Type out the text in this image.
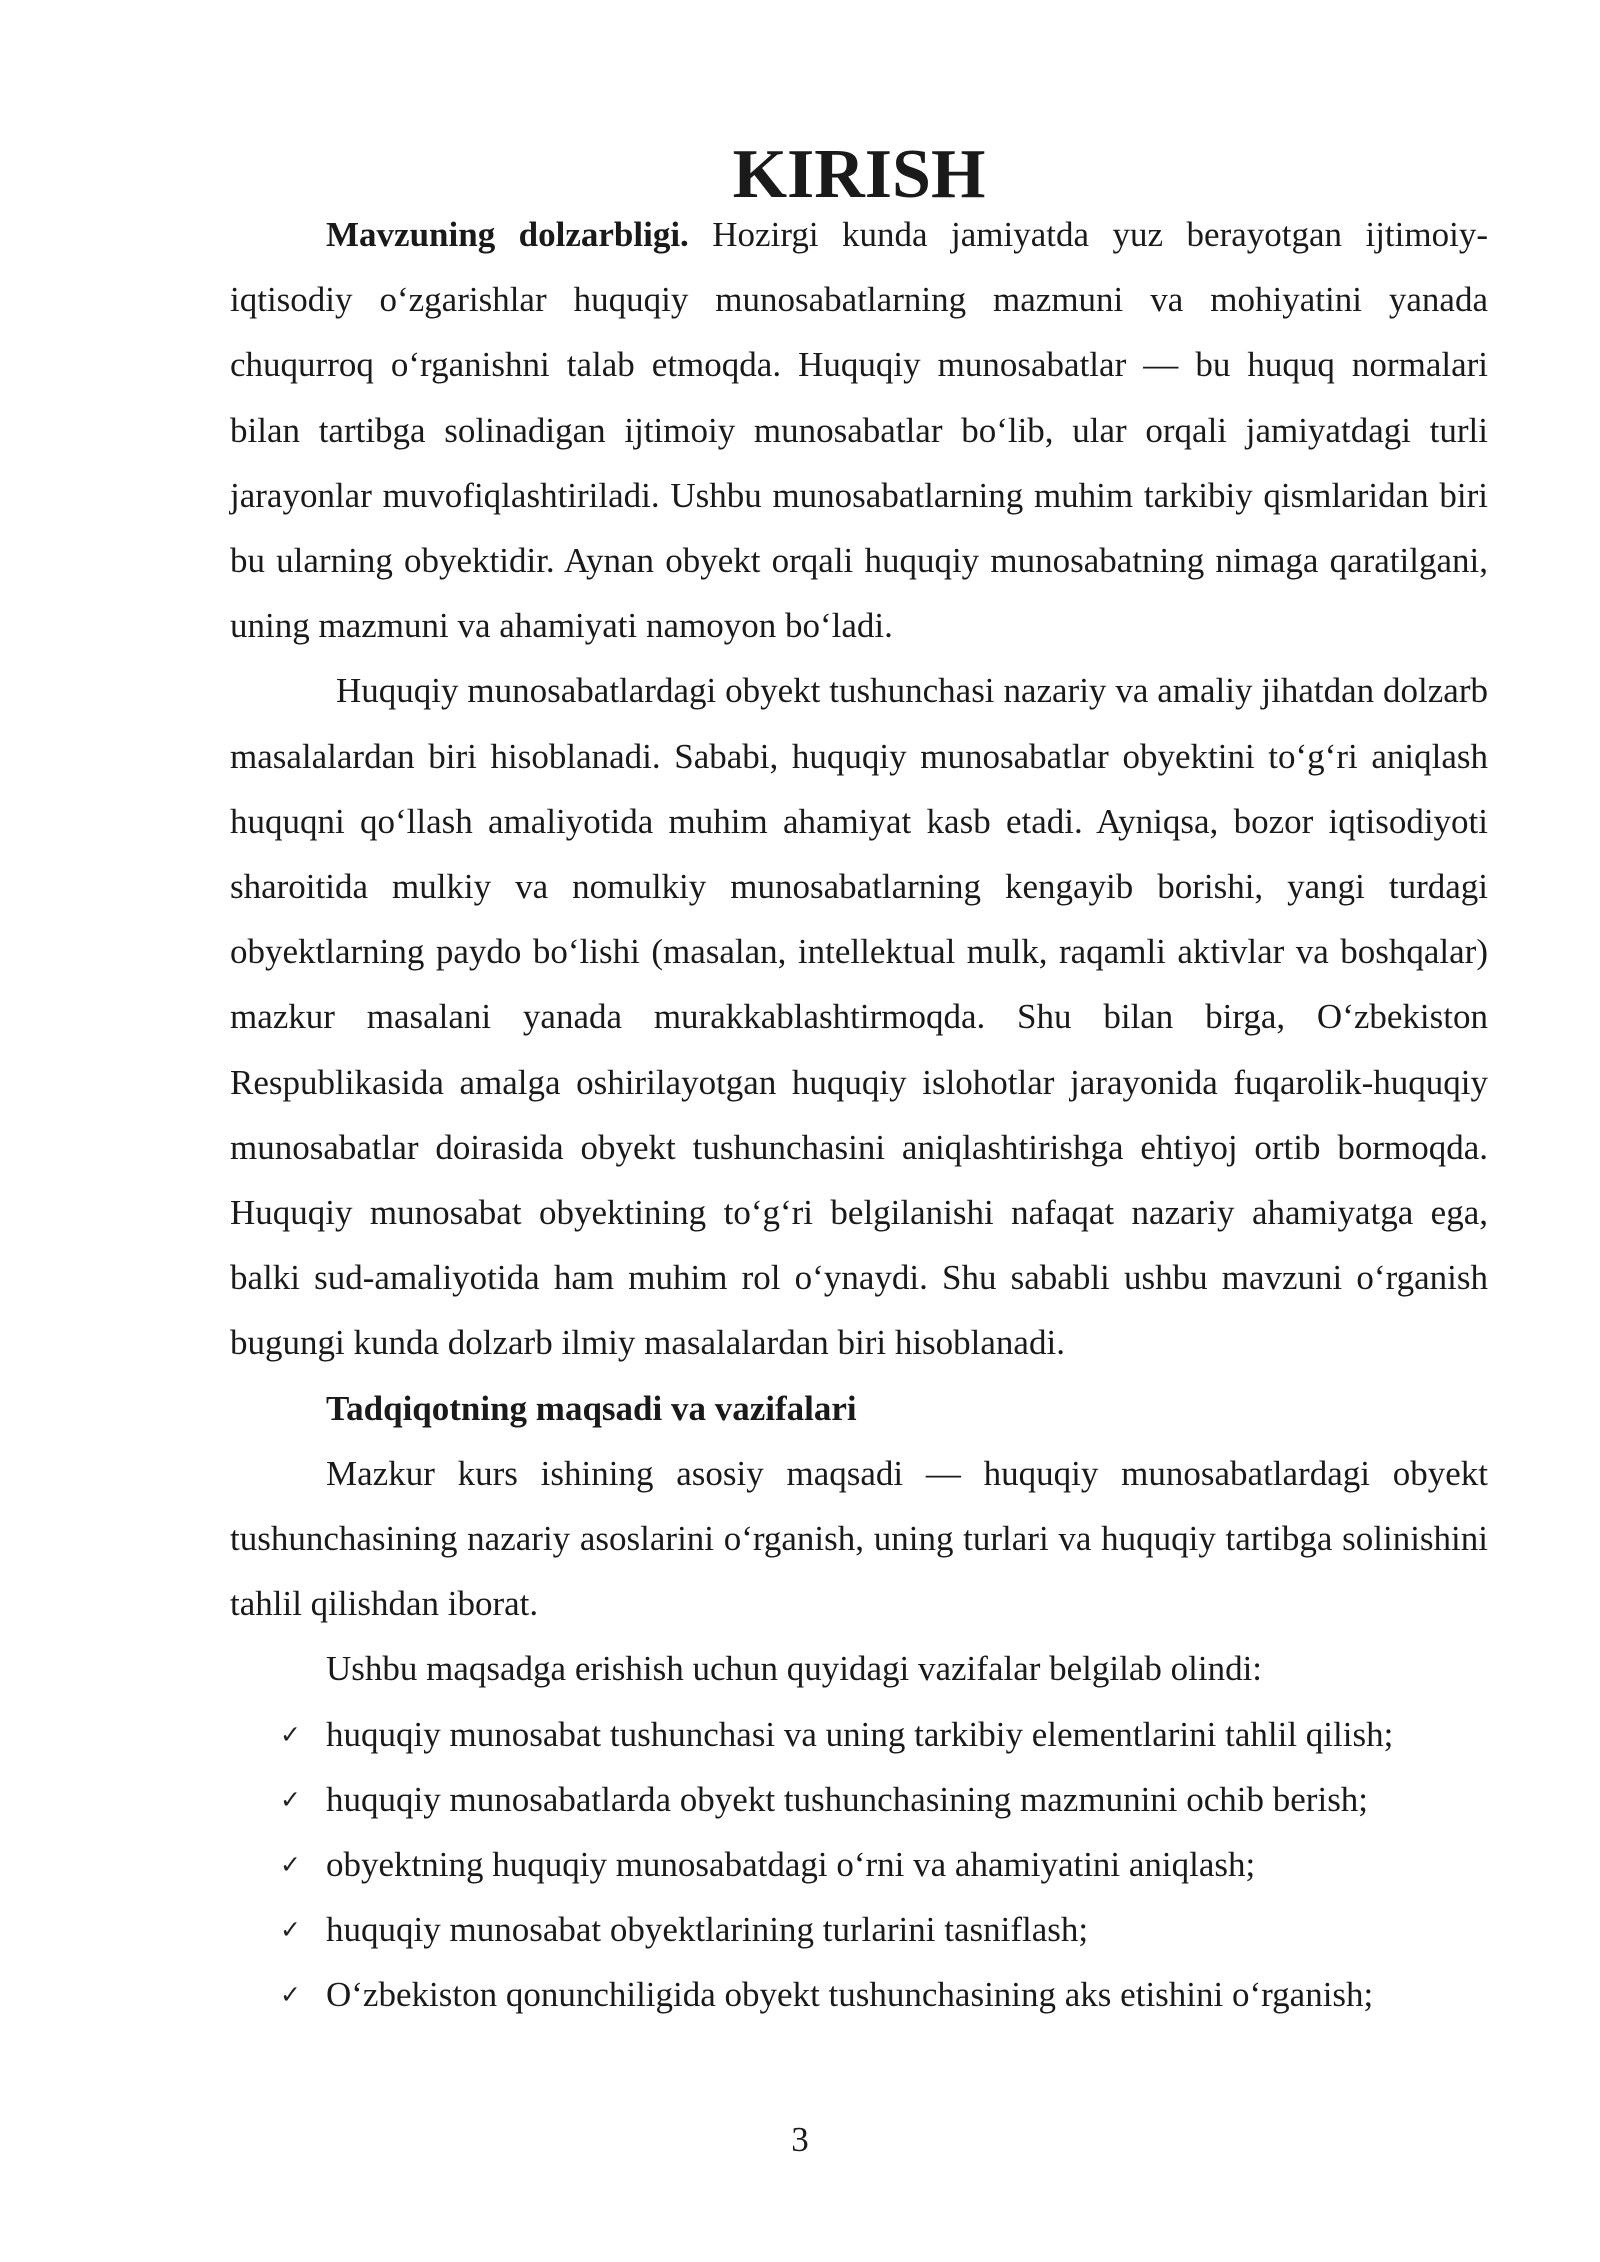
KIRISH

Mavzuning dolzarbligi. Hozirgi kunda jamiyatda yuz berayotgan ijtimoiy-iqtisodiy o‘zgarishlar huquqiy munosabatlarning mazmuni va mohiyatini yanada chuqurroq o‘rganishni talab etmoqda. Huquqiy munosabatlar — bu huquq normalari bilan tartibga solinadigan ijtimoiy munosabatlar bo‘lib, ular orqali jamiyatdagi turli jarayonlar muvofiqlashtiriladi. Ushbu munosabatlarning muhim tarkibiy qismlaridan biri bu ularning obyektidir. Aynan obyekt orqali huquqiy munosabatning nimaga qaratilgani, uning mazmuni va ahamiyati namoyon bo‘ladi.

Huquqiy munosabatlardagi obyekt tushunchasi nazariy va amaliy jihatdan dolzarb masalalardan biri hisoblanadi. Sababi, huquqiy munosabatlar obyektini to‘g‘ri aniqlash huquqni qo‘llash amaliyotida muhim ahamiyat kasb etadi. Ayniqsa, bozor iqtisodiyoti sharoitida mulkiy va nomulkiy munosabatlarning kengayib borishi, yangi turdagi obyektlarning paydo bo‘lishi (masalan, intellektual mulk, raqamli aktivlar va boshqalar) mazkur masalani yanada murakkablashtirmoqda. Shu bilan birga, O‘zbekiston Respublikasida amalga oshirilayotgan huquqiy islohotlar jarayonida fuqarolik-huquqiy munosabatlar doirasida obyekt tushunchasini aniqlashtirishga ehtiyoj ortib bormoqda. Huquqiy munosabat obyektining to‘g‘ri belgilanishi nafaqat nazariy ahamiyatga ega, balki sud-amaliyotida ham muhim rol o‘ynaydi. Shu sababli ushbu mavzuni o‘rganish bugungi kunda dolzarb ilmiy masalalardan biri hisoblanadi.

Tadqiqotning maqsadi va vazifalari

Mazkur kurs ishining asosiy maqsadi — huquqiy munosabatlardagi obyekt tushunchasining nazariy asoslarini o‘rganish, uning turlari va huquqiy tartibga solinishini tahlil qilishdan iborat.

Ushbu maqsadga erishish uchun quyidagi vazifalar belgilab olindi:

✓ huquqiy munosabat tushunchasi va uning tarkibiy elementlarini tahlil qilish;
✓ huquqiy munosabatlarda obyekt tushunchasining mazmunini ochib berish;
✓ obyektning huquqiy munosabatdagi o‘rni va ahamiyatini aniqlash;
✓ huquqiy munosabat obyektlarining turlarini tasniflash;
✓ O‘zbekiston qonunchiligida obyekt tushunchasining aks etishini o‘rganish;
3
